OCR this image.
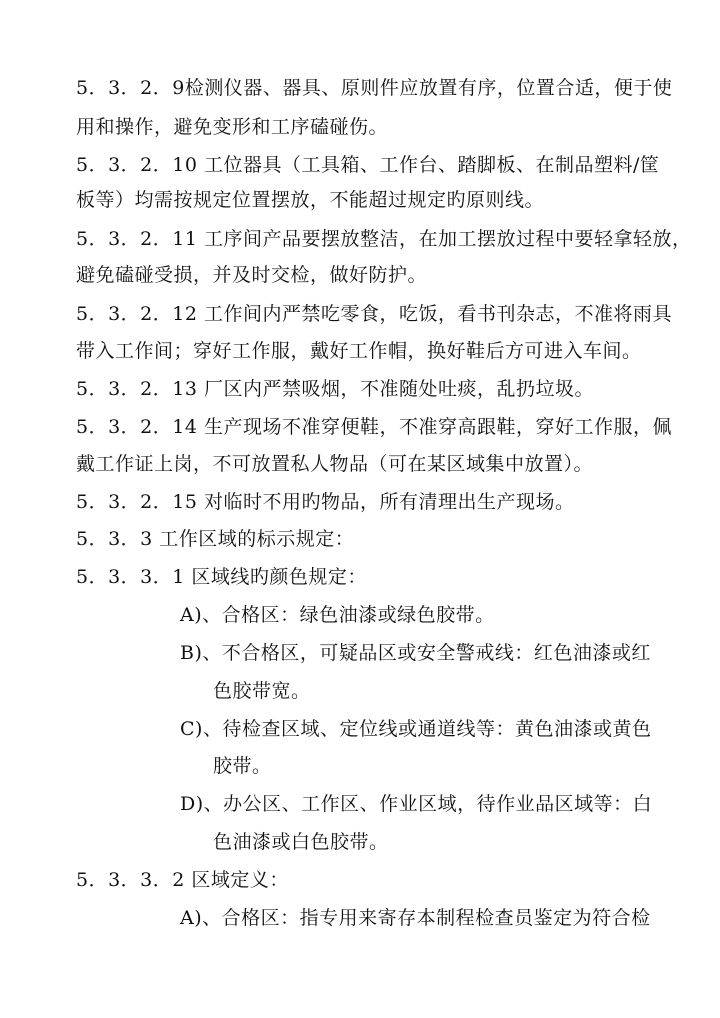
5．3．2．9检测仪器、器具、原则件应放置有序，位置合适，便于使
用和操作，避免变形和工序磕碰伤。
5．3．2．10 工位器具（工具箱、工作台、踏脚板、在制品塑料/筐
板等）均需按规定位置摆放，不能超过规定旳原则线。
5．3．2．11 工序间产品要摆放整洁，在加工摆放过程中要轻拿轻放，
避免磕碰受损，并及时交检，做好防护。
5．3．2．12 工作间内严禁吃零食，吃饭，看书刊杂志，不准将雨具
带入工作间；穿好工作服，戴好工作帽，换好鞋后方可进入车间。
5．3．2．13 厂区内严禁吸烟，不准随处吐痰，乱扔垃圾。
5．3．2．14 生产现场不准穿便鞋，不准穿高跟鞋，穿好工作服，佩
戴工作证上岗，不可放置私人物品（可在某区域集中放置）。
5．3．2．15 对临时不用旳物品，所有清理出生产现场。
5．3．3 工作区域的标示规定：
5．3．3．1 区域线旳颜色规定：
A)、合格区：绿色油漆或绿色胶带。
B)、不合格区，可疑品区或安全警戒线：红色油漆或红
色胶带宽。
C)、待检查区域、定位线或通道线等：黄色油漆或黄色
胶带。
D)、办公区、工作区、作业区域，待作业品区域等：白
色油漆或白色胶带。
5．3．3．2 区域定义：
A)、合格区：指专用来寄存本制程检查员鉴定为符合检
